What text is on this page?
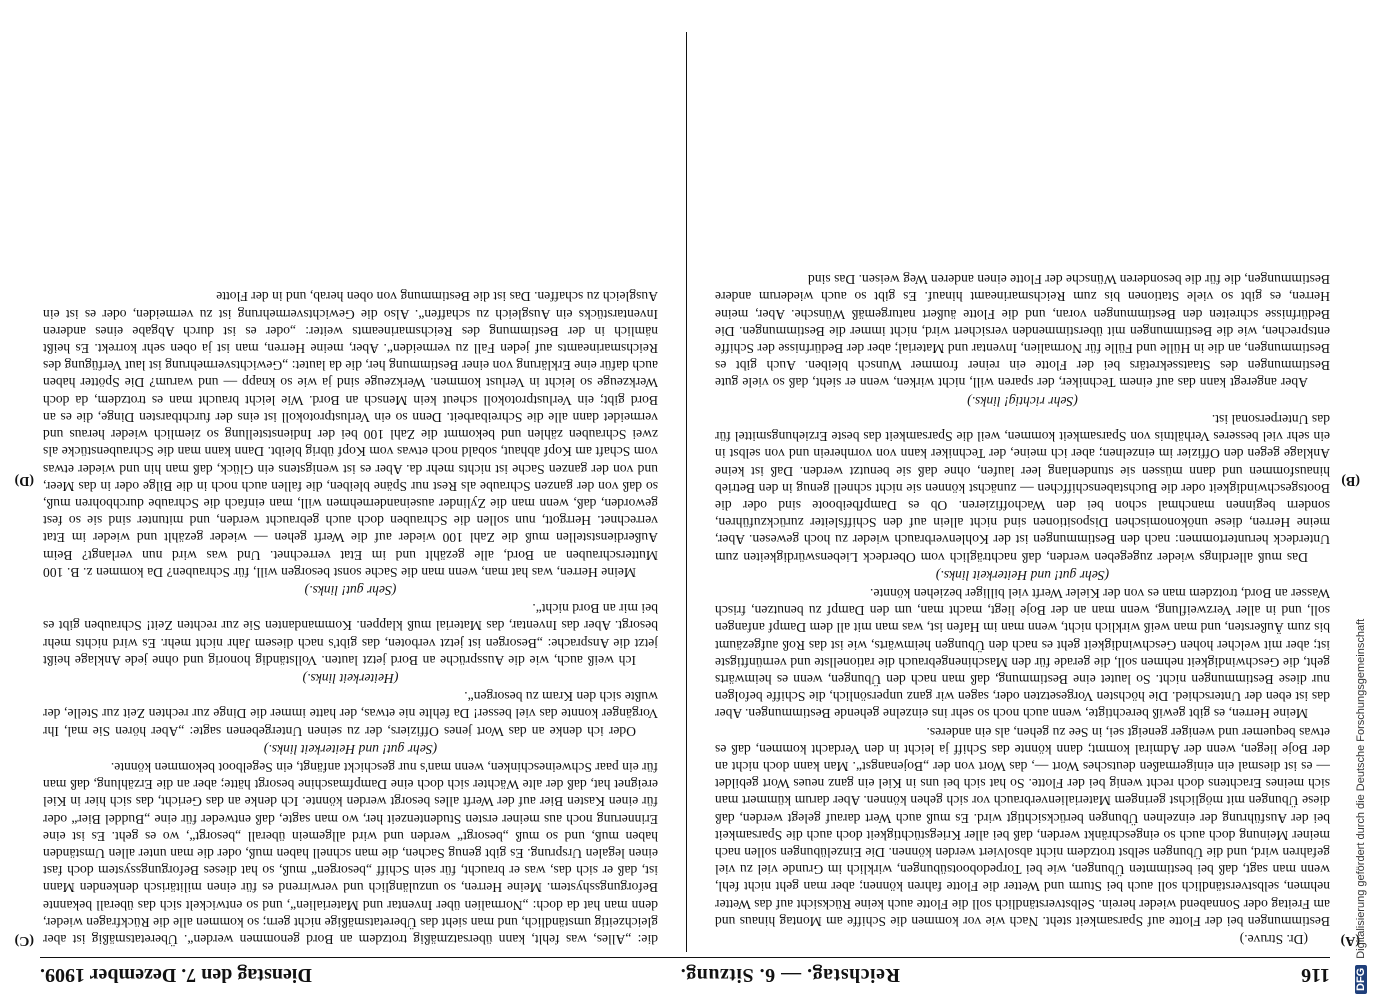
116
Reichstag. — 6. Sitzung.
Dienstag den 7. Dezember 1909.
(A)
(B)
(C)
(D)

(Dr. Struve.)

Bestimmungen bei der Flotte auf Sparsamkeit steht. Nach wie vor kommen die Schiffe am Montag hinaus und am Freitag oder Sonnabend wieder herein. Selbstverständlich soll die Flotte auch keine Rücksicht auf das Wetter nehmen, selbstverständlich soll auch bei Sturm und Wetter die Flotte fahren können; aber man geht nicht fehl, wenn man sagt, daß bei bestimmten Übungen, wie bei Torpedobootsübungen, wirklich im Grunde viel zu viel gefahren wird, und die Übungen selbst trotzdem nicht absolviert werden können. Die Einzelübungen sollen nach meiner Meinung doch auch so eingeschränkt werden, daß bei aller Kriegstüchtigkeit doch auch die Sparsamkeit bei der Ausführung der einzelnen Übungen berücksichtigt wird. Es muß auch Wert darauf gelegt werden, daß diese Übungen mit möglichst geringem Materialienverbrauch vor sich gehen können. Aber darum kümmert man sich meines Erachtens doch recht wenig bei der Flotte. So hat sich bei uns in Kiel ein ganz neues Wort gebildet — es ist diesmal ein einigermaßen deutsches Wort —, das Wort von der „Bojenangst“. Man kann doch nicht an der Boje liegen, wenn der Admiral kommt; dann könnte das Schiff ja leicht in den Verdacht kommen, daß es etwas bequemer und weniger geneigt sei, in See zu gehen, als ein anderes.

Meine Herren, es gibt gewiß berechtigte, wenn auch noch so sehr ins einzelne gehende Bestimmungen. Aber das ist eben der Unterschied. Die höchsten Vorgesetzten oder, sagen wir ganz unpersönlich, die Schiffe befolgen nur diese Bestimmungen nicht. So lautet eine Bestimmung, daß man nach den Übungen, wenn es heimwärts geht, die Geschwindigkeit nehmen soll, die gerade für den Maschinengebrauch die rationellste und vernünftigste ist; aber mit welcher hohen Geschwindigkeit geht es nach den Übungen heimwärts, wie ist das Roß aufgezäumt bis zum Äußersten, und man weiß wirklich nicht, wenn man im Hafen ist, was man mit all dem Dampf anfangen soll, und in aller Verzweiflung, wenn man an der Boje liegt, macht man, um den Dampf zu benutzen, frisch Wasser an Bord, trotzdem man es von der Kieler Werft viel billiger beziehen könnte.

(Sehr gut! und Heiterkeit links.)

Das muß allerdings wieder zugegeben werden, daß nachträglich vom Oberdeck Liebenswürdigkeiten zum Unterdeck heruntertommen: nach den Bestimmungen ist der Kohlenverbrauch wieder zu hoch gewesen. Aber, meine Herren, diese unökonomischen Dispositionen sind nicht allein auf den Schiffsleiter zurückzuführen, sondern beginnen manchmal schon bei den Wachoffizieren. Ob es Dampfbeiboote sind oder die Bootsgeschwindigkeit oder die Buchstabenschiffchen — zunächst können sie nicht schnell genug in den Betrieb hinausfommen und dann müssen sie stundenlang leer laufen, ohne daß sie benutzt werden. Daß ist keine Anklage gegen den Offizier im einzelnen; aber ich meine, der Techniker kann von vornherein und von selbst in ein sehr viel besseres Verhältnis von Sparsamkeit kommen, weil die Sparsamkeit das beste Erziehungsmittel für das Unterpersonal ist.

(Sehr richtig! links.)

Aber angeregt kann das auf einem Techniker, der sparen will, nicht wirken, wenn er sieht, daß so viele gute Bestimmungen des Staatssekretärs bei der Flotte ein reiner frommer Wunsch bleiben. Auch gibt es Bestimmungen, an die in Hülle und Fülle für Normalien, Inventar und Material; aber der Bedürfnisse der Schiffe entsprechen, wie die Bestimmungen mit überstimmenden versichert wird, nicht immer die Bestimmungen. Die Bedürfnisse schreiten den Bestimmungen voran, und die Flotte äußert naturgemäß Wünsche. Aber, meine Herren, es gibt so viele Stationen bis zum Reichsmarineamt hinauf. Es gibt so auch wiederum andere Bestimmungen, die für die besonderen Wünsche der Flotte einen anderen Weg weisen. Das sind

die: „Alles, was fehlt, kann übersatzmäßig trotzdem an Bord genommen werden“. Überetatsmäßig ist aber gleichzeitig umständlich, und man sieht das Überetatsmäßige nicht gern; so kommen alle die Rückfragen wieder, denn man hat da doch: „Normalien über Inventar und Materialien“, und so entwickelt sich das überall bekannte Beforgungsshystem. Meine Herren, so unzulänglich und verwirrend es für einen militärisch denkenden Mann ist, daß er sich das, was er braucht, für sein Schiff „besorgen“ muß, so hat dieses Beforgungssystem doch fast einen legalen Ursprung. Es gibt genug Sachen, die man schnell haben muß, oder die man unter allen Umständen haben muß, und so muß „besorgt“ werden und wird allgemein überall „besorgt“, wo es geht. Es ist eine Erinnerung noch aus meiner ersten Studentenzeit her, wo man sagte, daß entweder für eine „Buddel Bier“ oder für einen Kasten Bier auf der Werft alles besorgt werden könnte. Ich denke an das Gericht, das sich hier in Kiel ereignet hat, daß der alte Wächter sich doch eine Dampfmaschine besorgt hätte; aber an die Erzählung, daß man für ein paar Schweineschinken, wenn man's nur geschickt anfängt, ein Segelboot bekommen könnte.

(Sehr gut! und Heiterkeit links.)

Oder ich denke an das Wort jenes Offiziers, der zu seinen Untergebenen sagte: „Aber hören Sie mal, Ihr Vorgänger konnte das viel besser! Da fehlte nie etwas, der hatte immer die Dinge zur rechten Zeit zur Stelle, der wußte sich den Kram zu besorgen“.

(Heiterkeit links.)

Ich weiß auch, wie die Aussprüche an Bord jetzt lauten. Vollständig honorig und ohne jede Anklage heißt jetzt die Ansprache: „Besorgen ist jetzt verboten, das gibt's nach diesem Jahr nicht mehr. Es wird nichts mehr besorgt. Aber das Inventar, das Material muß klappen. Kommandanten Sie zur rechten Zeit! Schrauben gibt es bei mir an Bord nicht“.

(Sehr gut! links.)

Meine Herren, was hat man, wenn man die Sache sonst besorgen will, für Schrauben? Da kommen z. B. 100 Mutterschrauben an Bord, alle gezählt und im Etat verrechnet. Und was wird nun verlangt? Beim Außerdienststellen muß die Zahl 100 wieder auf die Werft gehen — wieder gezählt und wieder im Etat verrechnet. Herrgott, nun sollen die Schrauben doch auch gebraucht werden, und mitunter sind sie so fest geworden, daß, wenn man die Zylinder auseinandernehmen will, man einfach die Schraube durchbohren muß, so daß von der ganzen Schraube als Rest nur Späne bleiben, die fallen auch noch in die Bilge oder in das Meer, und von der ganzen Sache ist nichts mehr da. Aber es ist wenigstens ein Glück, daß man hin und wieder etwas vom Schaft am Kopf abhaut, sobald noch etwas vom Kopf übrig bleibt. Dann kann man die Schraubenstücke als zwei Schrauben zählen und bekommt die Zahl 100 bei der Indienststellung so ziemlich wieder heraus und vermeidet dann alle die Schreibarbeit. Denn so ein Verlustprotokoll ist eins der furchtbarsten Dinge, die es an Bord gibt; ein Verlustprotokoll scheut kein Mensch an Bord. Wie leicht braucht man es trotzdem, da doch Werkzeuge so leicht in Verlust kommen. Werkzeuge sind ja wie so knapp — und warum? Die Spötter haben auch dafür eine Erklärung von einer Bestimmung her, die da lautet: „Gewichtsvermehrung ist laut Verfügung des Reichsmarineamts auf jeden Fall zu vermeiden“. Aber, meine Herren, man ist ja oben sehr korrekt. Es heißt nämlich in der Bestimmung des Reichsmarineamts weiter: „oder es ist durch Abgabe eines anderen Inventarstücks ein Ausgleich zu schaffen“. Also die Gewichtsvermehrung ist zu vermeiden, oder es ist ein Ausgleich zu schaffen. Das ist die Bestimmung von oben herab, und in der Flotte

DFGDigitalisierung gefördert durch die Deutsche Forschungsgemeinschaft
